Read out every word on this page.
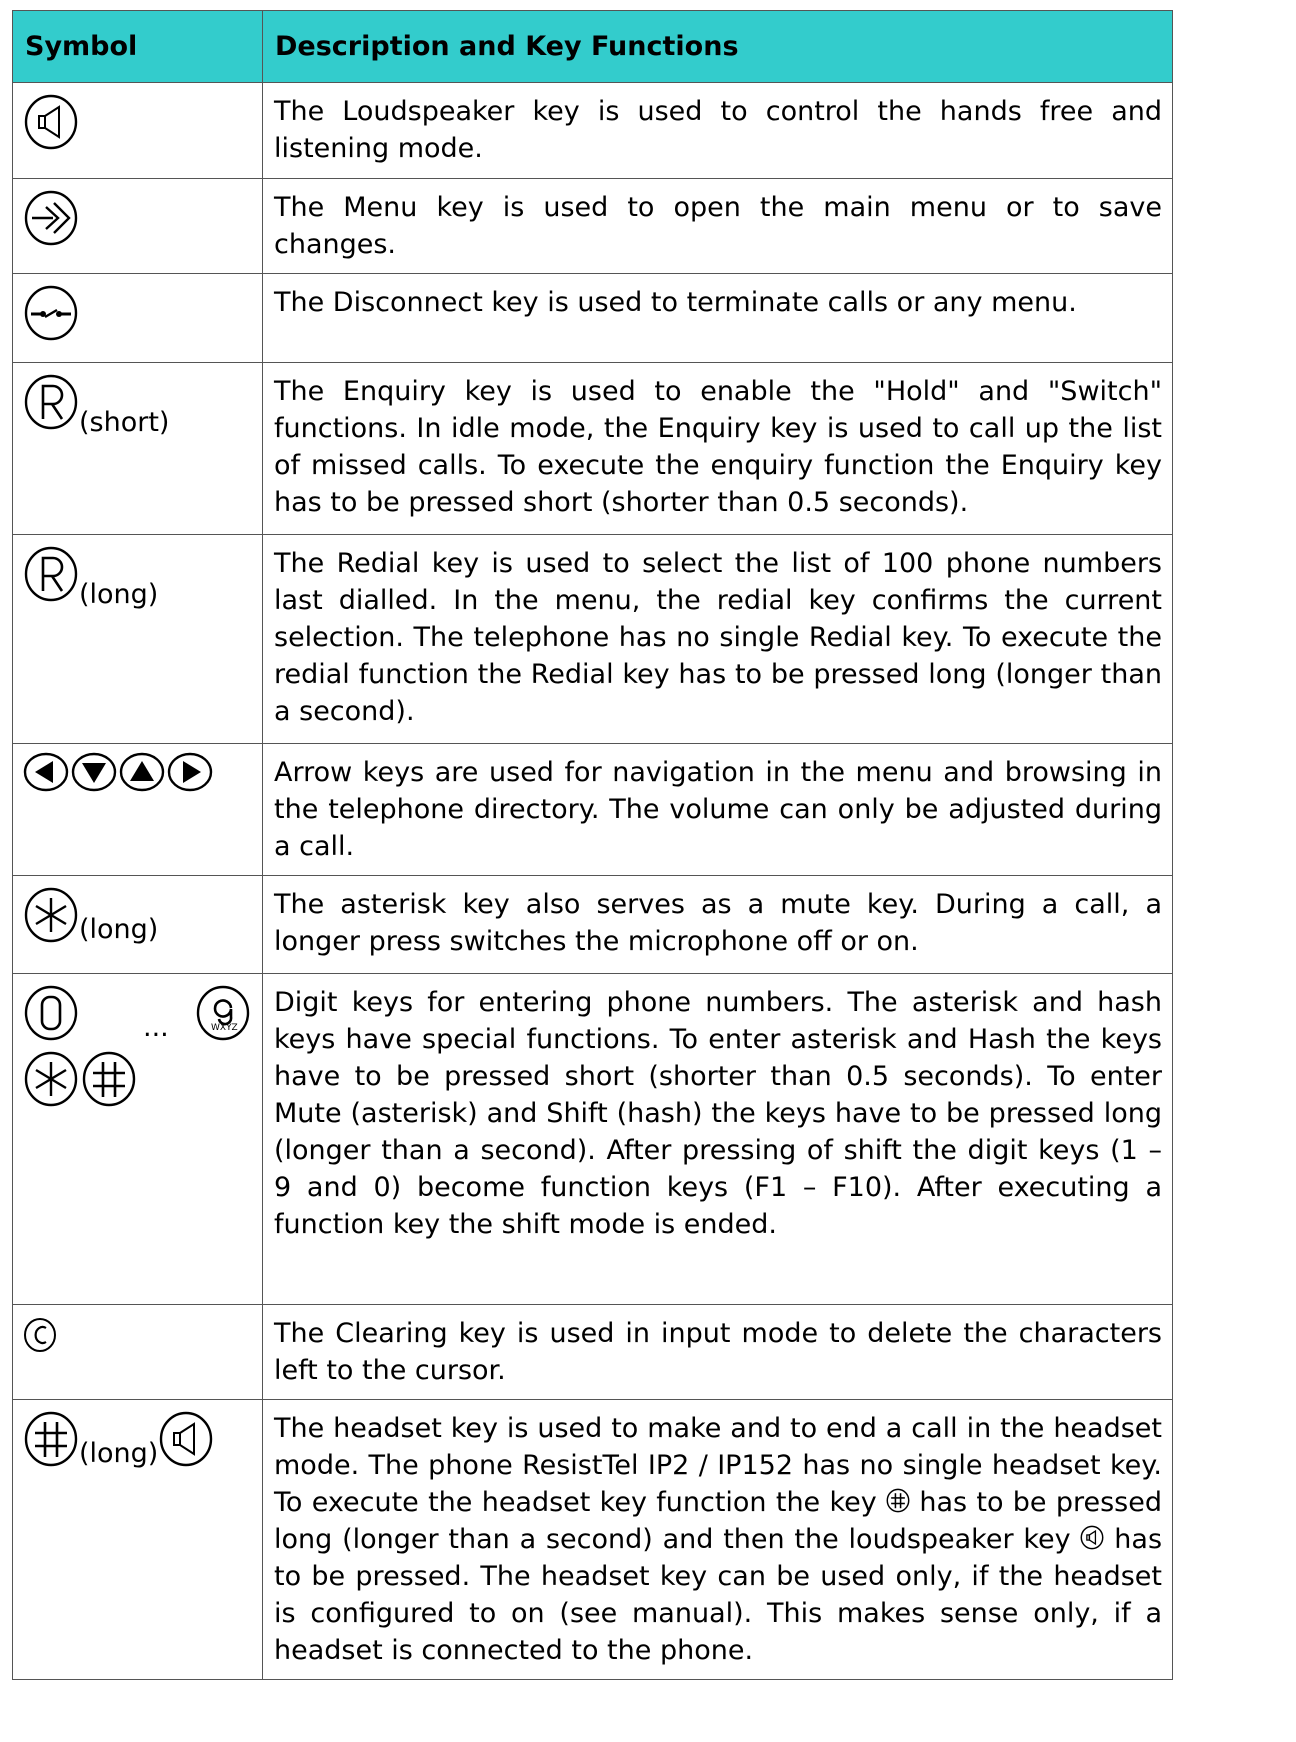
Symbol	Description and Key Functions

	The Loudspeaker key is used to control the hands free and listening mode.

	The Menu key is used to open the main menu or to save changes.

	The Disconnect key is used to terminate calls or any menu.

(short)	The Enquiry key is used to enable the "Hold" and "Switch" functions. In idle mode, the Enquiry key is used to call up the list of missed calls. To execute the enquiry function the Enquiry key has to be pressed short (shorter than 0.5 seconds).

(long)	The Redial key is used to select the list of 100 phone numbers last dialled. In the menu, the redial key confirms the current selection. The telephone has no single Redial key. To execute the redial function the Redial key has to be pressed long (longer than a second).

	Arrow keys are used for navigation in the menu and browsing in the telephone directory. The volume can only be adjusted during a call.

(long)	The asterisk key also serves as a mute key. During a call, a longer press switches the microphone off or on.

... WXYZ	Digit keys for entering phone numbers. The asterisk and hash keys have special functions. To enter asterisk and Hash the keys have to be pressed short (shorter than 0.5 seconds). To enter Mute (asterisk) and Shift (hash) the keys have to be pressed long (longer than a second). After pressing of shift the digit keys (1 – 9 and 0) become function keys (F1 – F10). After executing a function key the shift mode is ended.

	The Clearing key is used in input mode to delete the characters left to the cursor.

(long)	The headset key is used to make and to end a call in the headset mode. The phone ResistTel IP2 / IP152 has no single headset key. To execute the headset key function the key
has to be pressed long (longer than a second) and then the loudspeaker key
has to be pressed. The headset key can be used only, if the headset is configured to on (see manual). This makes sense only, if a headset is connected to the phone.
